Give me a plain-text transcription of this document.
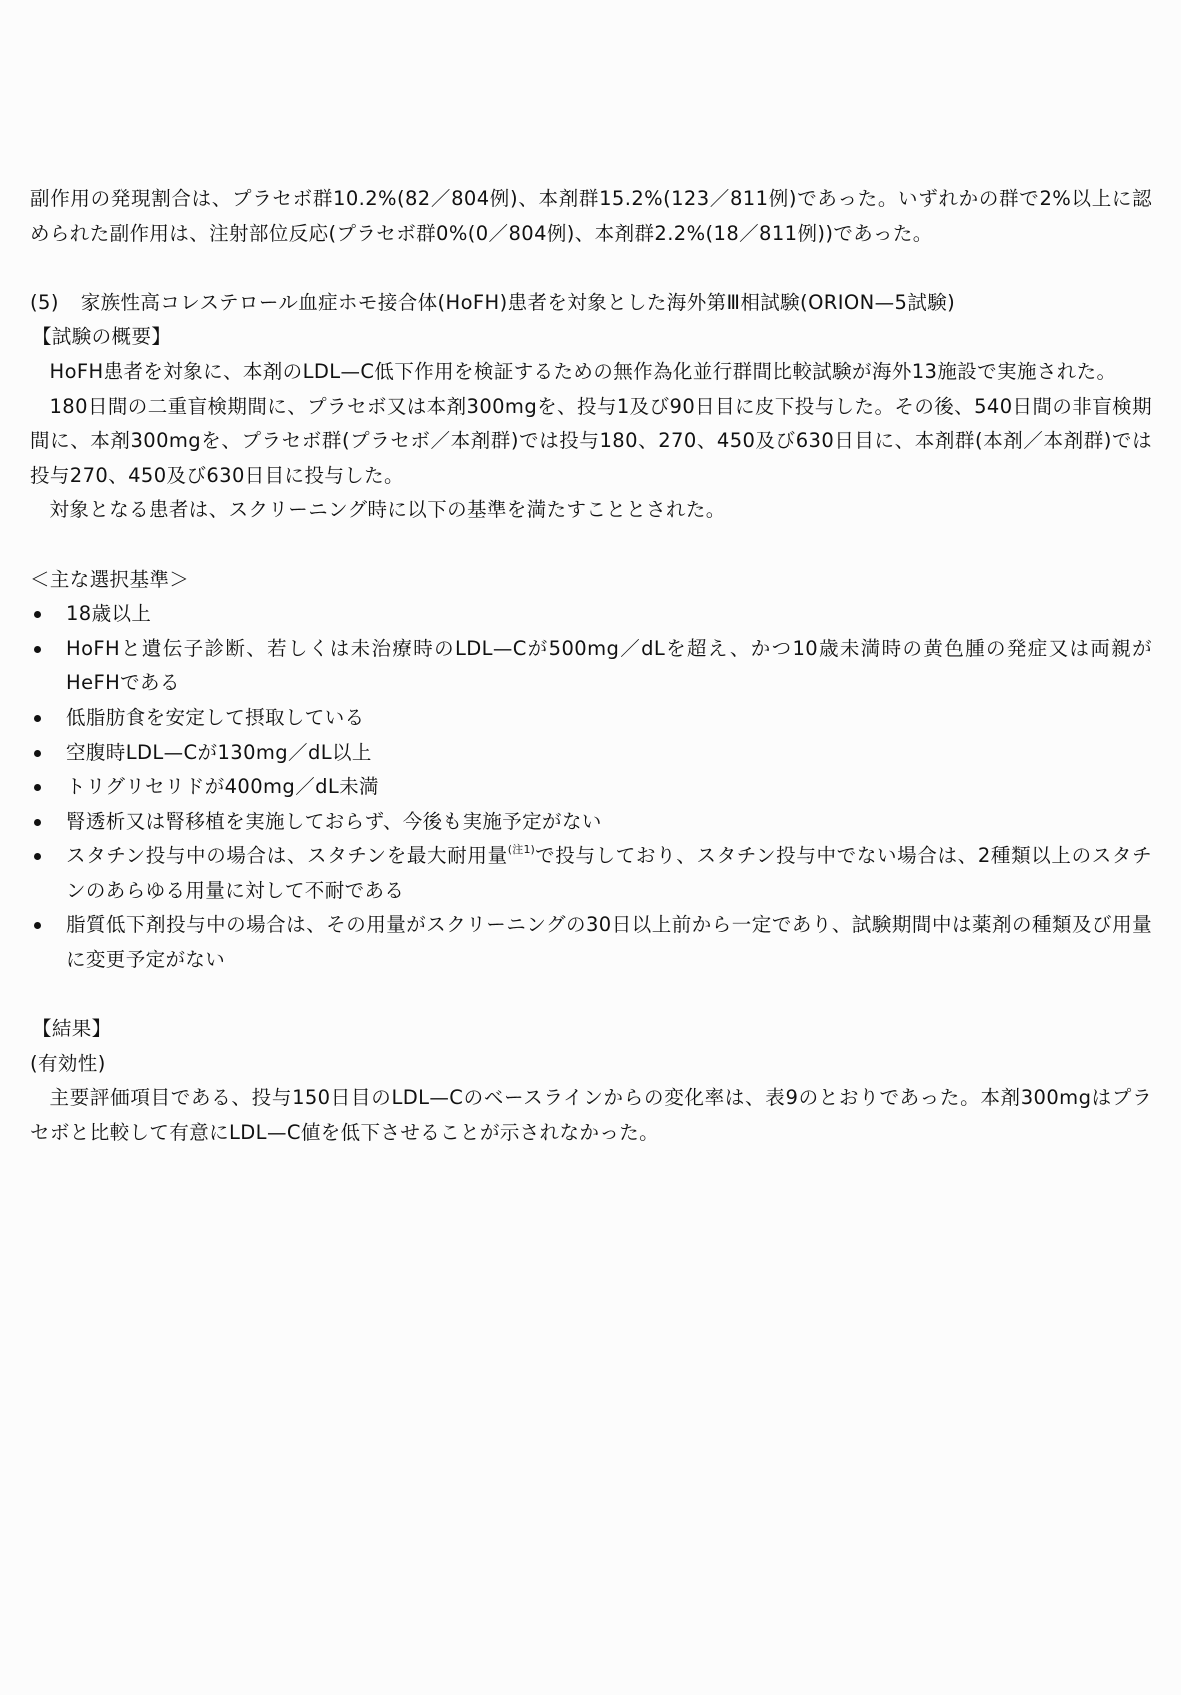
副作用の発現割合は、プラセボ群10.2%(82／804例)、本剤群15.2%(123／811例)であった。いずれかの群で2%以上に認められた副作用は、注射部位反応(プラセボ群0%(0／804例)、本剤群2.2%(18／811例))であった。

(5) 家族性高コレステロール血症ホモ接合体(HoFH)患者を対象とした海外第Ⅲ相試験(ORION—5試験)

【試験の概要】

HoFH患者を対象に、本剤のLDL—C低下作用を検証するための無作為化並行群間比較試験が海外13施設で実施された。

180日間の二重盲検期間に、プラセボ又は本剤300mgを、投与1及び90日目に皮下投与した。その後、540日間の非盲検期間に、本剤300mgを、プラセボ群(プラセボ／本剤群)では投与180、270、450及び630日目に、本剤群(本剤／本剤群)では投与270、450及び630日目に投与した。

対象となる患者は、スクリーニング時に以下の基準を満たすこととされた。

＜主な選択基準＞

18歳以上
HoFHと遺伝子診断、若しくは未治療時のLDL—Cが500mg／dLを超え、かつ10歳未満時の黄色腫の発症又は両親がHeFHである
低脂肪食を安定して摂取している
空腹時LDL—Cが130mg／dL以上
トリグリセリドが400mg／dL未満
腎透析又は腎移植を実施しておらず、今後も実施予定がない
スタチン投与中の場合は、スタチンを最大耐用量$^{(注1)}$で投与しており、スタチン投与中でない場合は、2種類以上のスタチンのあらゆる用量に対して不耐である
脂質低下剤投与中の場合は、その用量がスクリーニングの30日以上前から一定であり、試験期間中は薬剤の種類及び用量に変更予定がない

【結果】

(有効性)

主要評価項目である、投与150日目のLDL—Cのベースラインからの変化率は、表9のとおりであった。本剤300mgはプラセボと比較して有意にLDL—C値を低下させることが示されなかった。
